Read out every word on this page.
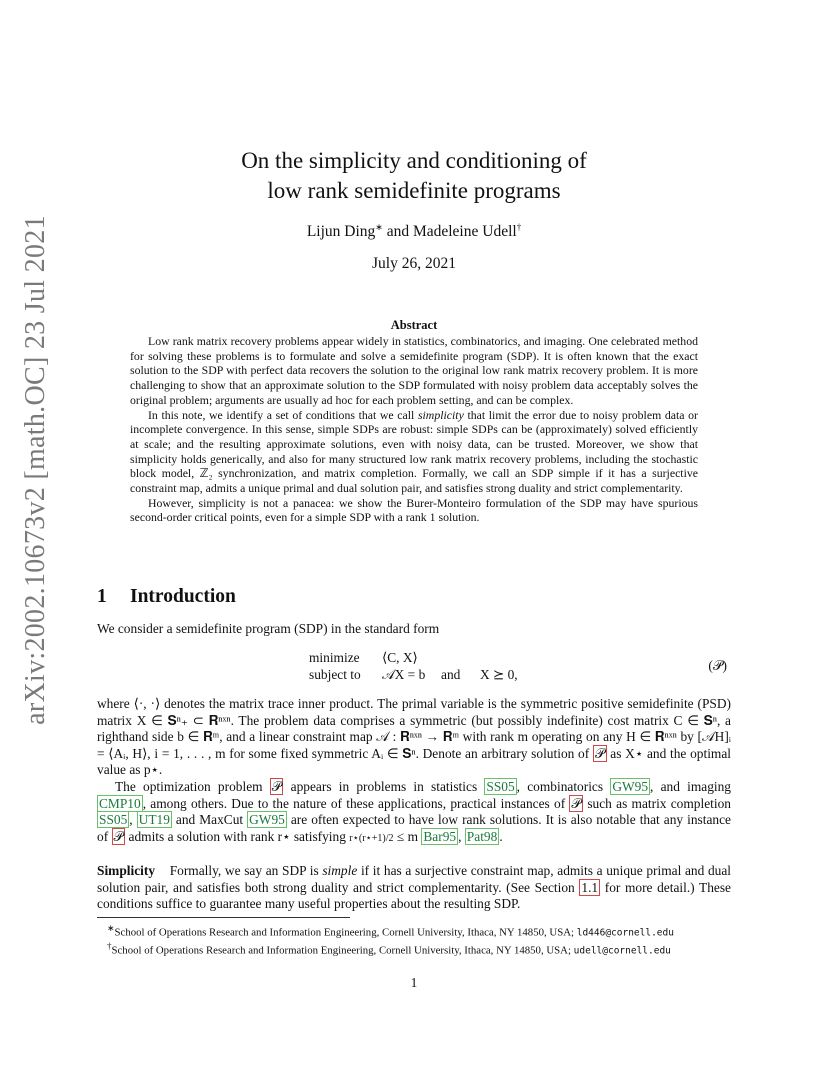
arXiv:2002.10673v2 [math.OC] 23 Jul 2021
On the simplicity and conditioning of
low rank semidefinite programs
Lijun Ding∗ and Madeleine Udell†
July 26, 2021
Abstract

Low rank matrix recovery problems appear widely in statistics, combinatorics, and imaging. One celebrated method for solving these problems is to formulate and solve a semidefinite program (SDP). It is often known that the exact solution to the SDP with perfect data recovers the solution to the original low rank matrix recovery problem. It is more challenging to show that an approximate solution to the SDP formulated with noisy problem data acceptably solves the original problem; arguments are usually ad hoc for each problem setting, and can be complex.

In this note, we identify a set of conditions that we call simplicity that limit the error due to noisy problem data or incomplete convergence. In this sense, simple SDPs are robust: simple SDPs can be (approximately) solved efficiently at scale; and the resulting approximate solutions, even with noisy data, can be trusted. Moreover, we show that simplicity holds generically, and also for many structured low rank matrix recovery problems, including the stochastic block model, ℤ₂ synchronization, and matrix completion. Formally, we call an SDP simple if it has a surjective constraint map, admits a unique primal and dual solution pair, and satisfies strong duality and strict complementarity.

However, simplicity is not a panacea: we show the Burer-Monteiro formulation of the SDP may have spurious second-order critical points, even for a simple SDP with a rank 1 solution.

1 Introduction

We consider a semidefinite program (SDP) in the standard form

minimize ⟨C, X⟩
subject to 𝒜X = b and X ⪰ 0,
(𝒫)

where ⟨·, ·⟩ denotes the matrix trace inner product. The primal variable is the symmetric positive semidefinite (PSD) matrix X ∈ 𝐒ⁿ₊ ⊂ 𝐑ⁿˣⁿ. The problem data comprises a symmetric (but possibly indefinite) cost matrix C ∈ 𝐒ⁿ, a righthand side b ∈ 𝐑ᵐ, and a linear constraint map 𝒜 : 𝐑ⁿˣⁿ → 𝐑ᵐ with rank m operating on any H ∈ 𝐑ⁿˣⁿ by [𝒜H]ᵢ = ⟨Aᵢ, H⟩, i = 1, . . . , m for some fixed symmetric Aᵢ ∈ 𝐒ⁿ. Denote an arbitrary solution of 𝒫 as X⋆ and the optimal value as p⋆.

The optimization problem 𝒫 appears in problems in statistics SS05 , combinatorics GW95 , and imaging CMP10 , among others. Due to the nature of these applications, practical instances of 𝒫 such as matrix completion SS05 , UT19 and MaxCut GW95 are often expected to have low rank solutions. It is also notable that any instance of 𝒫 admits a solution with rank r⋆ satisfying r⋆(r⋆+1)/2 ≤ m Bar95 , Pat98 .

Simplicity Formally, we say an SDP is simple if it has a surjective constraint map, admits a unique primal and dual solution pair, and satisfies both strong duality and strict complementarity. (See Section 1.1 for more detail.) These conditions suffice to guarantee many useful properties about the resulting SDP.

∗School of Operations Research and Information Engineering, Cornell University, Ithaca, NY 14850, USA; ld446@cornell.edu

†School of Operations Research and Information Engineering, Cornell University, Ithaca, NY 14850, USA; udell@cornell.edu

1
